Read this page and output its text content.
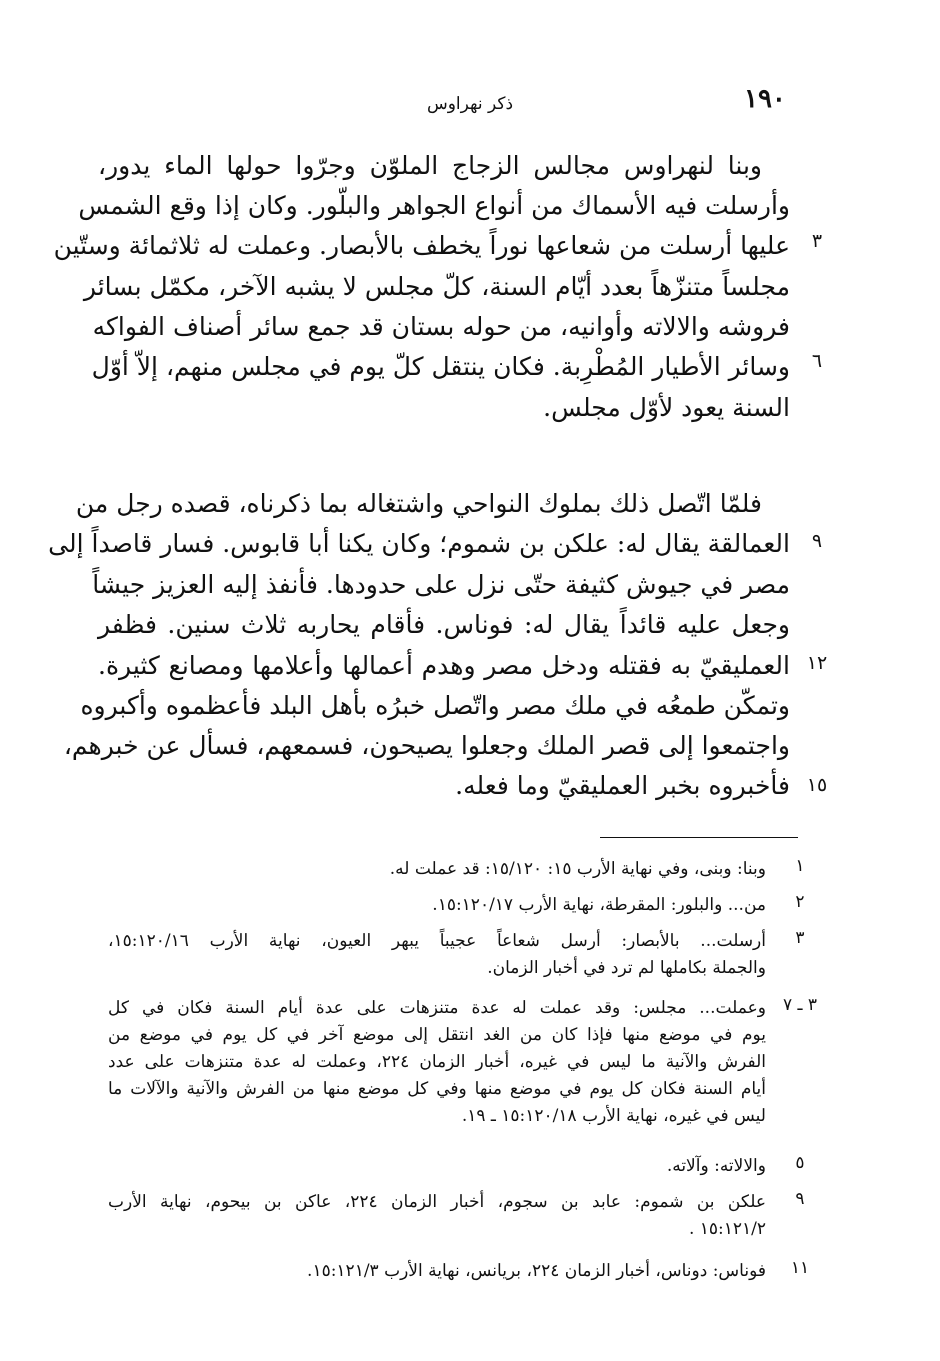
١٩٠
ذكر نهراوس
وبنا لنهراوس مجالس الزجاج الملوّن وجرّوا حولها الماء يدور،
وأرسلت فيه الأسماك من أنواع الجواهر والبلّور. وكان إذا وقع الشمس
عليها أرسلت من شعاعها نوراً يخطف بالأبصار. وعملت له ثلاثمائة وستّين
مجلساً متنزّهاً بعدد أيّام السنة، كلّ مجلس لا يشبه الآخر، مكمّل بسائر
فروشه والالاته وأوانيه، من حوله بستان قد جمع سائر أصناف الفواكه
وسائر الأطيار المُطْرِبة. فكان ينتقل كلّ يوم في مجلس منهم، إلاّ أوّل
السنة يعود لأوّل مجلس.
فلمّا اتّصل ذلك بملوك النواحي واشتغاله بما ذكرناه، قصده رجل من
العمالقة يقال له: علكن بن شموم؛ وكان يكنا أبا قابوس. فسار قاصداً إلى
مصر في جيوش كثيفة حتّى نزل على حدودها. فأنفذ إليه العزيز جيشاً
وجعل عليه قائداً يقال له: فوناس. فأقام يحاربه ثلاث سنين. فظفر
العمليقيّ به فقتله ودخل مصر وهدم أعمالها وأعلامها ومصانع كثيرة.
وتمكّن طمعُه في ملك مصر واتّصل خبرُه بأهل البلد فأعظموه وأكبروه
واجتمعوا إلى قصر الملك وجعلوا يصيحون، فسمعهم، فسأل عن خبرهم،
فأخبروه بخبر العمليقيّ وما فعله.
٣
٦
٩
١٢
١٥
١
وبنا: وبنى، وفي نهاية الأرب ١٥: ١٥/١٢٠: قد عملت له.
٢
من... والبلور: المقرطة، نهاية الأرب ١٥:١٢٠/١٧.
٣
أرسلت... بالأبصار: أرسل شعاعاً عجيباً يبهر العيون، نهاية الأرب ١٥:١٢٠/١٦،
والجملة بكاملها لم ترد في أخبار الزمان.
٣ ـ ٧
وعملت... مجلس: وقد عملت له عدة متنزهات على عدة أيام السنة فكان في كل
يوم في موضع منها فإذا كان من الغد انتقل إلى موضع آخر في كل يوم في موضع من
الفرش والآنية ما ليس في غيره، أخبار الزمان ٢٢٤، وعملت له عدة متنزهات على عدد
أيام السنة فكان كل يوم في موضع منها وفي كل موضع منها من الفرش والآنية والآلات ما
ليس في غيره، نهاية الأرب ١٥:١٢٠/١٨ ـ ١٩.
٥
والالاته: وآلاته.
٩
علكن بن شموم: عابد بن سجوم، أخبار الزمان ٢٢٤، عاكن بن بيحوم، نهاية الأرب
١٥:١٢١/٢ .
١١
فوناس: دوناس، أخبار الزمان ٢٢٤، بريانس، نهاية الأرب ١٥:١٢١/٣.
